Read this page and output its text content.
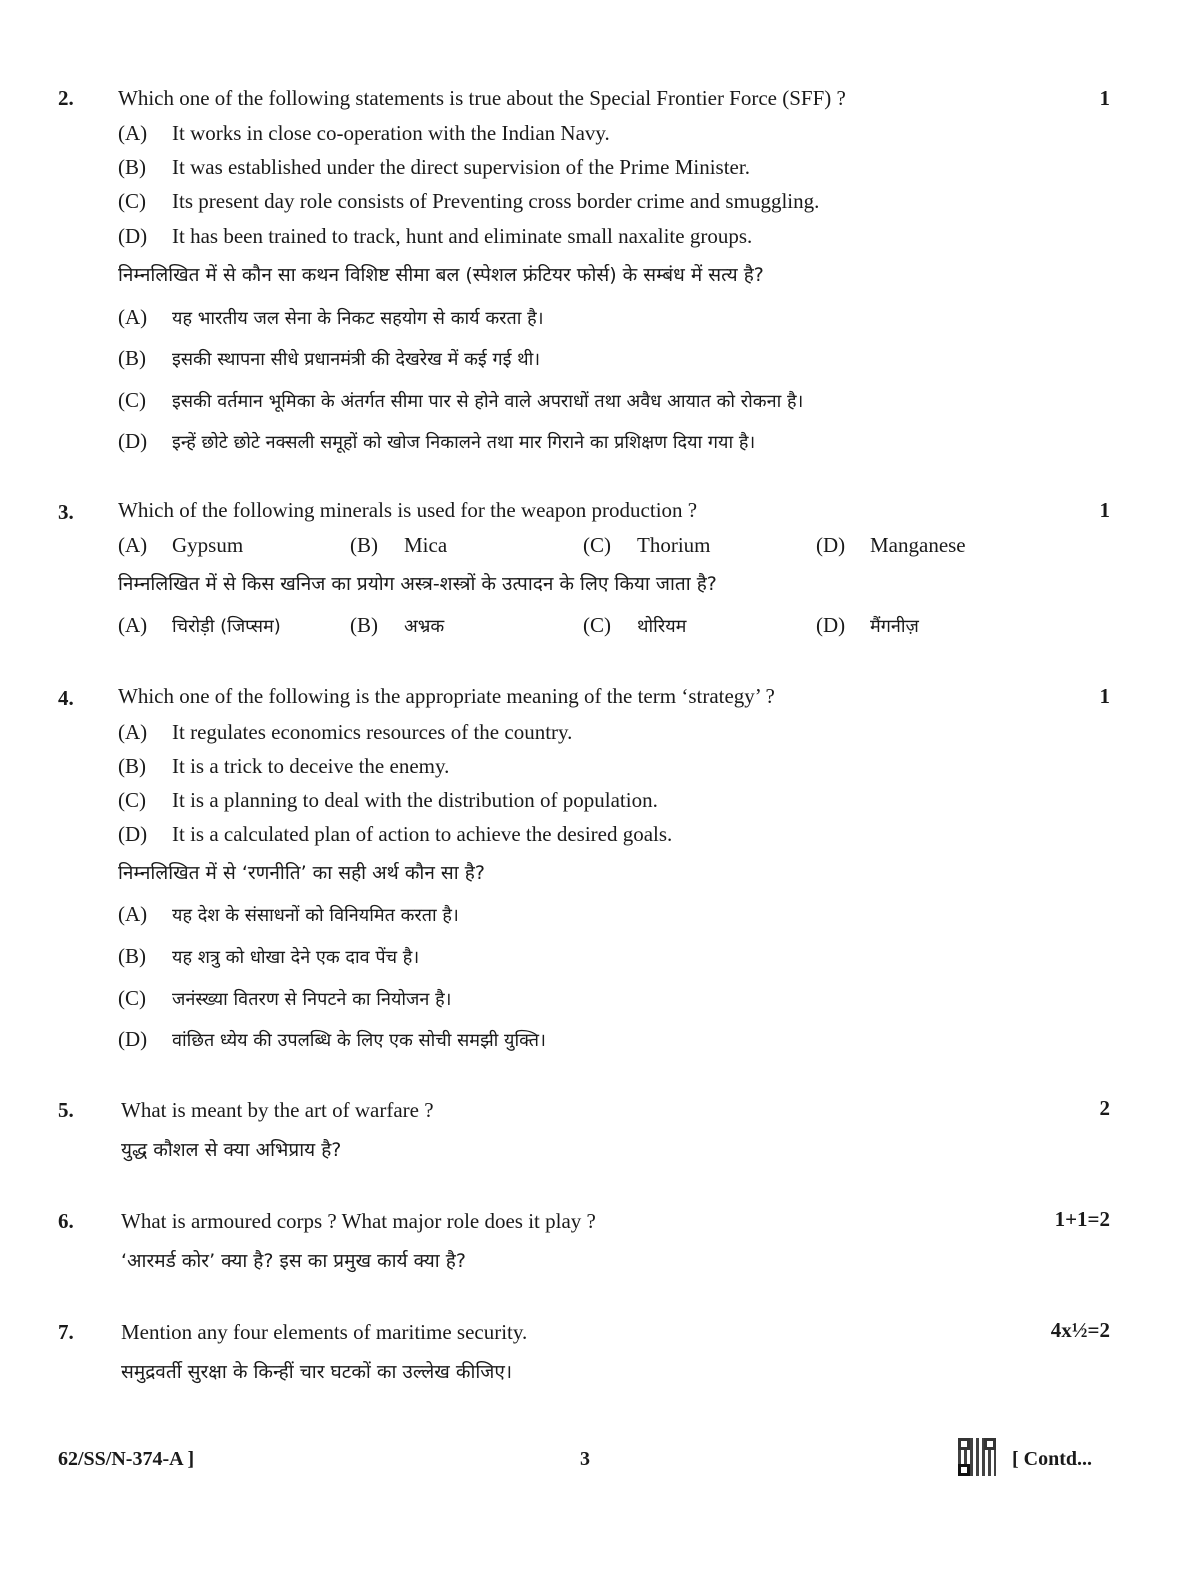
2. Which one of the following statements is true about the Special Frontier Force (SFF) ?	1
(A) It works in close co-operation with the Indian Navy.
(B) It was established under the direct supervision of the Prime Minister.
(C) Its present day role consists of Preventing cross border crime and smuggling.
(D) It has been trained to track, hunt and eliminate small naxalite groups.
निम्नलिखित में से कौन सा कथन विशिष्ट सीमा बल (स्पेशल फ्रंटियर फोर्स) के सम्बंध में सत्य है?
(A) यह भारतीय जल सेना के निकट सहयोग से कार्य करता है।
(B) इसकी स्थापना सीधे प्रधानमंत्री की देखरेख में कई गई थी।
(C) इसकी वर्तमान भूमिका के अंतर्गत सीमा पार से होने वाले अपराधों तथा अवैध आयात को रोकना है।
(D) इन्हें छोटे छोटे नक्सली समूहों को खोज निकालने तथा मार गिराने का प्रशिक्षण दिया गया है।
3. Which of the following minerals is used for the weapon production ?	1
(A) Gypsum	(B) Mica	(C) Thorium	(D) Manganese
निम्नलिखित में से किस खनिज का प्रयोग अस्त्र-शस्त्रों के उत्पादन के लिए किया जाता है?
(A) चिरोड़ी (जिप्सम)	(B) अभ्रक	(C) थोरियम	(D) मैंगनीज़
4. Which one of the following is the appropriate meaning of the term ‘strategy’ ?	1
(A) It regulates economics resources of the country.
(B) It is a trick to deceive the enemy.
(C) It is a planning to deal with the distribution of population.
(D) It is a calculated plan of action to achieve the desired goals.
निम्नलिखित में से ‘रणनीति’ का सही अर्थ कौन सा है?
(A) यह देश के संसाधनों को विनियमित करता है।
(B) यह शत्रु को धोखा देने एक दाव पेंच है।
(C) जनंस्ख्या वितरण से निपटने का नियोजन है।
(D) वांछित ध्येय की उपलब्धि के लिए एक सोची समझी युक्ति।
5. What is meant by the art of warfare ?	2
युद्ध कौशल से क्या अभिप्राय है?
6. What is armoured corps ? What major role does it play ?	1+1=2
‘आरमर्ड कोर’ क्या है? इस का प्रमुख कार्य क्या है?
7. Mention any four elements of maritime security.	4x½=2
समुद्रवर्ती सुरक्षा के किन्हीं चार घटकों का उल्लेख कीजिए।
62/SS/N-374-A ]	3	[ Contd...
